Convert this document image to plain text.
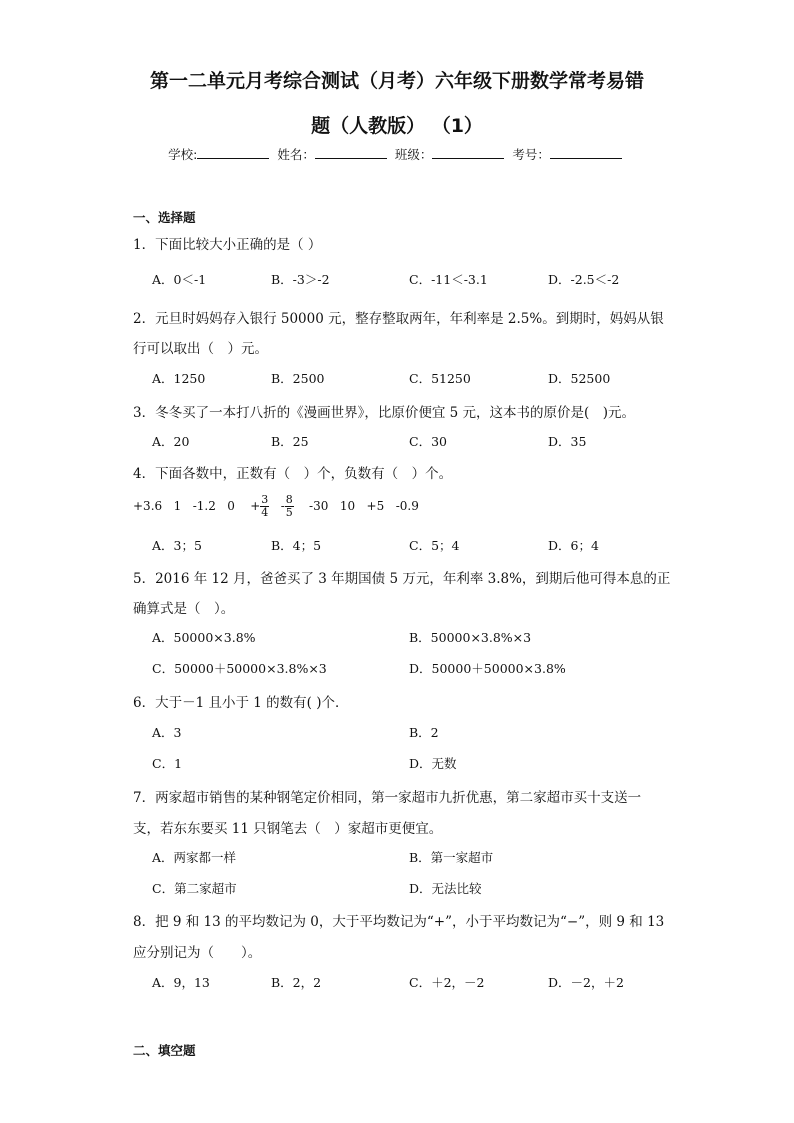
第一二单元月考综合测试（月考）六年级下册数学常考易错
题（人教版） （1）
学校:	姓名：	班级：	考号：
一、选择题
1．下面比较大小正确的是（ ）
A．0＜-1	B．-3＞-2	C．-11＜-3.1	D．-2.5＜-2
2．元旦时妈妈存入银行 50000 元，整存整取两年，年利率是 2.5%。到期时，妈妈从银
行可以取出（　）元。
A．1250	B．2500	C．51250	D．52500
3．冬冬买了一本打八折的《漫画世界》，比原价便宜 5 元，这本书的原价是(　)元。
A．20	B．25	C．30	D．35
4．下面各数中，正数有（　）个，负数有（　）个。
+3.6 1 -1.2 $0 + \frac{3}{4} - \frac{8}{5} -30$ 10 +5 -0.9
A．3；5	B．4；5	C．5；4	D．6；4
5．2016 年 12 月，爸爸买了 3 年期国债 5 万元，年利率 3.8%，到期后他可得本息的正
确算式是（　）。
A．50000×3.8%	B．50000×3.8%×3
C．50000＋50000×3.8%×3	D．50000＋50000×3.8%
6．大于－1 且小于 1 的数有( )个．
A．3	B．2
C．1	D．无数
7．两家超市销售的某种钢笔定价相同，第一家超市九折优惠，第二家超市买十支送一
支，若东东要买 11 只钢笔去（　）家超市更便宜。
A．两家都一样	B．第一家超市
C．第二家超市	D．无法比较
8．把 9 和 13 的平均数记为 0，大于平均数记为“+”，小于平均数记为“−”，则 9 和 13
应分别记为（　　）。
A．9，13	B．2，2	C．＋2，－2	D．－2，＋2
二、填空题
